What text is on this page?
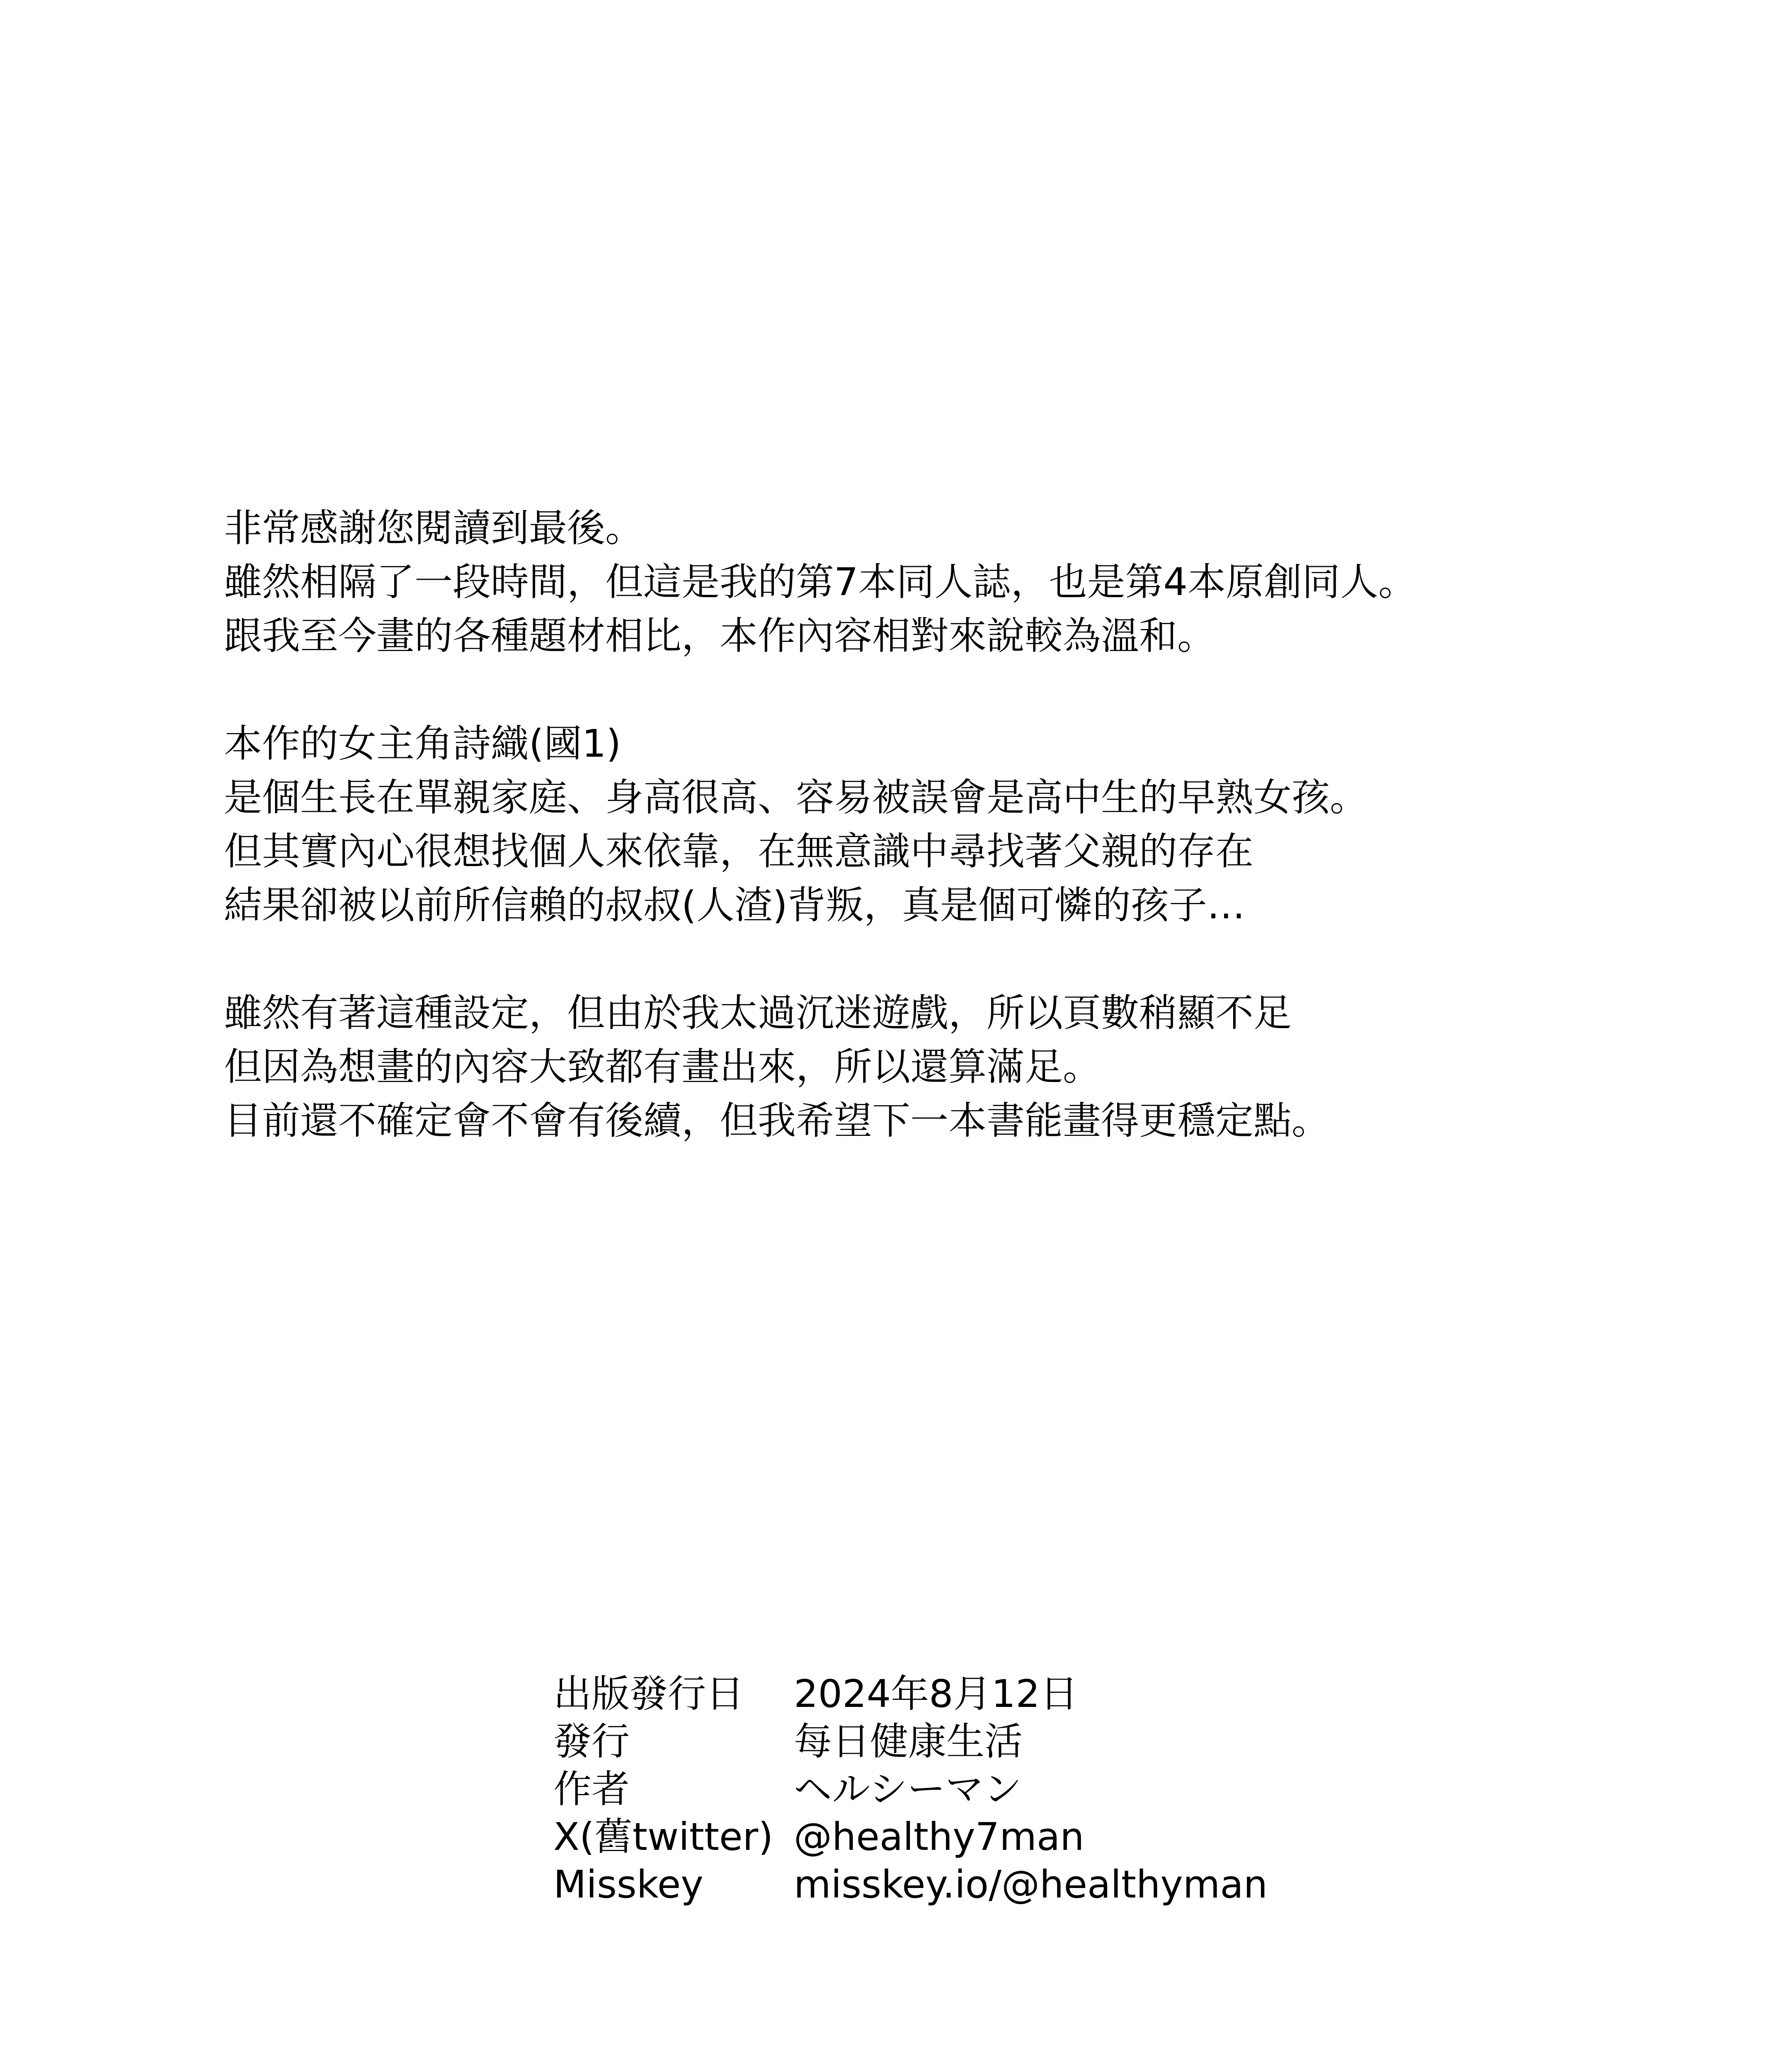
非常感謝您閱讀到最後。
雖然相隔了一段時間，但這是我的第7本同人誌，也是第4本原創同人。
跟我至今畫的各種題材相比，本作內容相對來說較為溫和。
本作的女主角詩織(國1)
是個生長在單親家庭、身高很高、容易被誤會是高中生的早熟女孩。
但其實內心很想找個人來依靠，在無意識中尋找著父親的存在
結果卻被以前所信賴的叔叔(人渣)背叛，真是個可憐的孩子…
雖然有著這種設定，但由於我太過沉迷遊戲，所以頁數稍顯不足
但因為想畫的內容大致都有畫出來，所以還算滿足。
目前還不確定會不會有後續，但我希望下一本書能畫得更穩定點。
出版發行日	2024年8月12日
發行	每日健康生活
作者	ヘルシーマン
X(舊twitter) @healthy7man
Misskey	misskey.io/@healthyman
